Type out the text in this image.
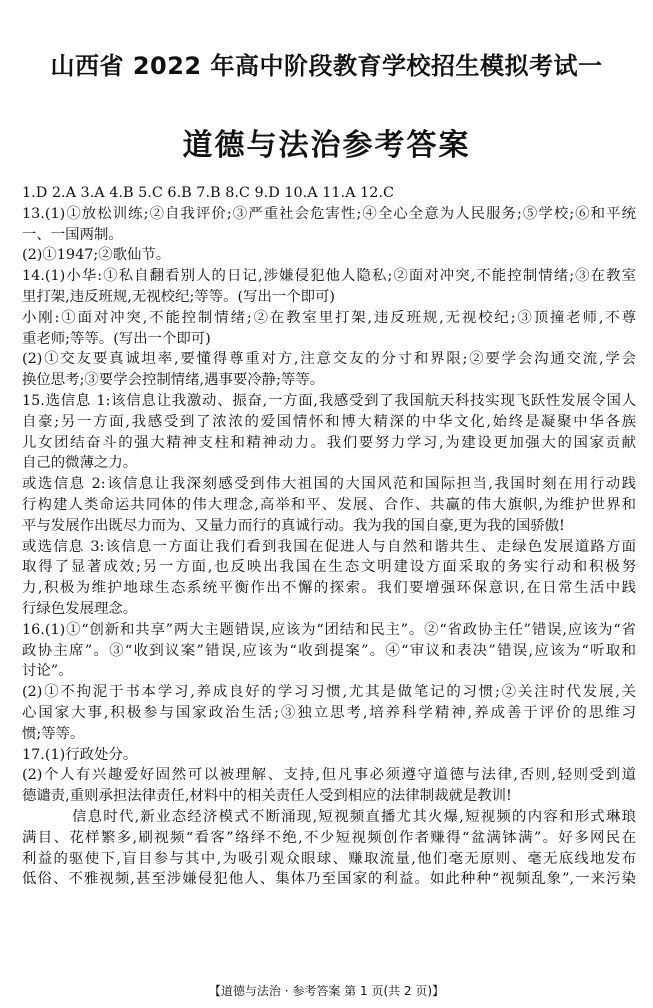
山西省 2022 年高中阶段教育学校招生模拟考试一
道德与法治参考答案
1.D 2.A 3.A 4.B 5.C 6.B 7.B 8.C 9.D 10.A 11.A 12.C
13.(1)①放松训练;②自我评价;③严重社会危害性;④全心全意为人民服务;⑤学校;⑥和平统
一、一国两制。
(2)①1947;②歌仙节。
14.(1)小华:①私自翻看别人的日记,涉嫌侵犯他人隐私;②面对冲突,不能控制情绪;③在教室
里打架,违反班规,无视校纪;等等。(写出一个即可)
小刚:①面对冲突,不能控制情绪;②在教室里打架,违反班规,无视校纪;③顶撞老师,不尊
重老师;等等。(写出一个即可)
(2)①交友要真诚坦率,要懂得尊重对方,注意交友的分寸和界限;②要学会沟通交流,学会
换位思考;③要学会控制情绪,遇事要冷静;等等。
15.选信息 1:该信息让我激动、振奋,一方面,我感受到了我国航天科技实现飞跃性发展令国人
自豪;另一方面,我感受到了浓浓的爱国情怀和博大精深的中华文化,始终是凝聚中华各族
儿女团结奋斗的强大精神支柱和精神动力。我们要努力学习,为建设更加强大的国家贡献
自己的微薄之力。
或选信息 2:该信息让我深刻感受到伟大祖国的大国风范和国际担当,我国时刻在用行动践
行构建人类命运共同体的伟大理念,高举和平、发展、合作、共赢的伟大旗帜,为维护世界和
平与发展作出既尽力而为、又量力而行的真诚行动。我为我的国自豪,更为我的国骄傲!
或选信息 3:该信息一方面让我们看到我国在促进人与自然和谐共生、走绿色发展道路方面
取得了显著成效;另一方面,也反映出我国在生态文明建设方面采取的务实行动和积极努
力,积极为维护地球生态系统平衡作出不懈的探索。我们要增强环保意识,在日常生活中践
行绿色发展理念。
16.(1)①“创新和共享”两大主题错误,应该为“团结和民主”。②“省政协主任”错误,应该为“省
政协主席”。③“收到议案”错误,应该为“收到提案”。④“审议和表决”错误,应该为“听取和
讨论”。
(2)①不拘泥于书本学习,养成良好的学习习惯,尤其是做笔记的习惯;②关注时代发展,关
心国家大事,积极参与国家政治生活;③独立思考,培养科学精神,养成善于评价的思维习
惯;等等。
17.(1)行政处分。
(2)个人有兴趣爱好固然可以被理解、支持,但凡事必须遵守道德与法律,否则,轻则受到道
德谴责,重则承担法律责任,材料中的相关责任人受到相应的法律制裁就是教训!
信息时代,新业态经济模式不断涌现,短视频直播尤其火爆,短视频的内容和形式琳琅
满目、花样繁多,刷视频“看客”络绎不绝,不少短视频创作者赚得“盆满钵满”。好多网民在
利益的驱使下,盲目参与其中,为吸引观众眼球、赚取流量,他们毫无原则、毫无底线地发布
低俗、不雅视频,甚至涉嫌侵犯他人、集体乃至国家的利益。如此种种“视频乱象”,一来污染
【道德与法治 · 参考答案 第 1 页(共 2 页)】
